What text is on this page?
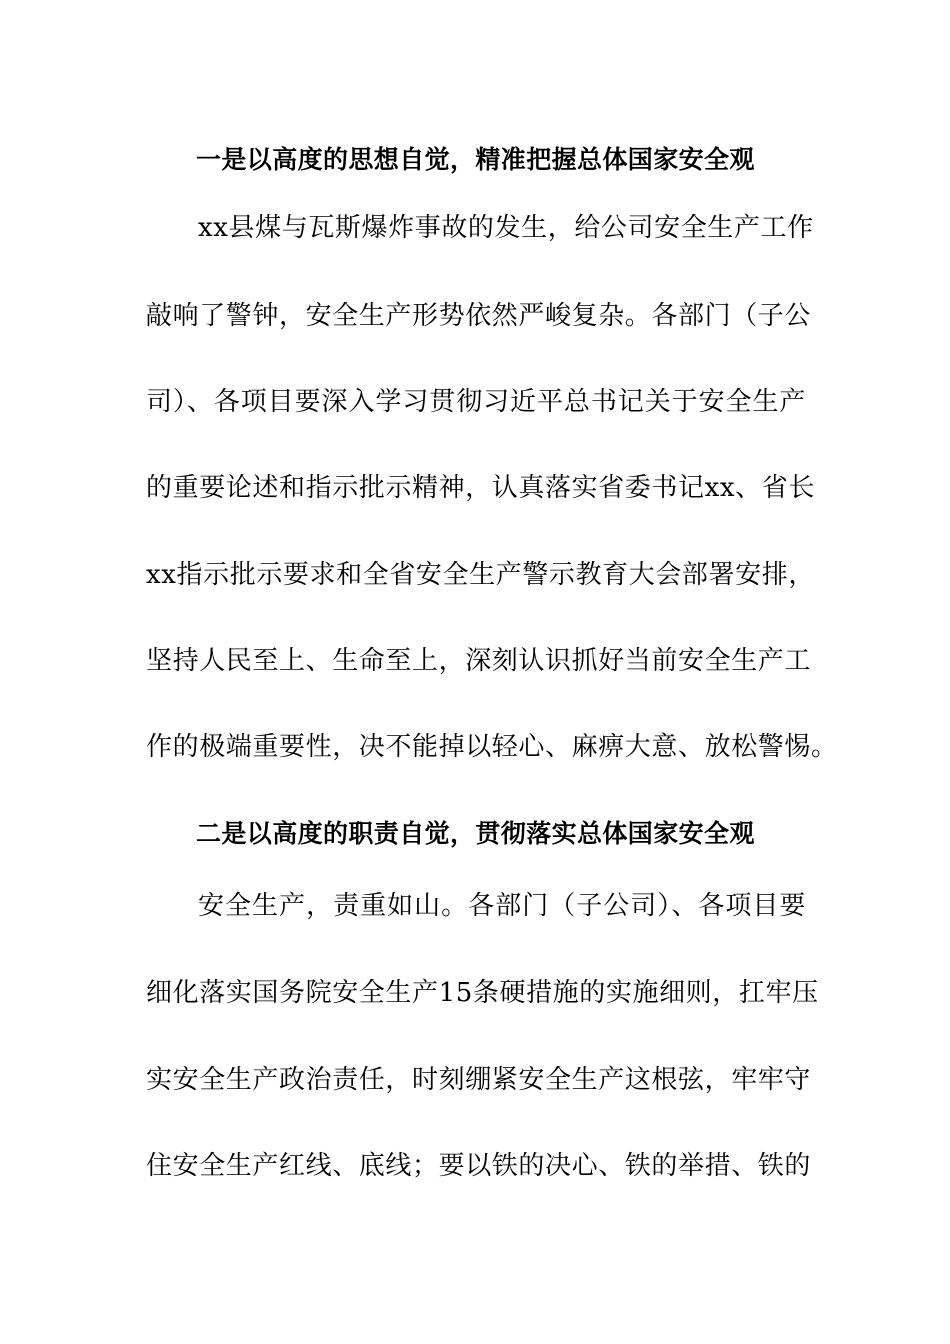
一是以高度的思想自觉，精准把握总体国家安全观
xx县煤与瓦斯爆炸事故的发生，给公司安全生产工作
敲响了警钟，安全生产形势依然严峻复杂。各部门（子公
司）、各项目要深入学习贯彻习近平总书记关于安全生产
的重要论述和指示批示精神，认真落实省委书记xx、省长
xx指示批示要求和全省安全生产警示教育大会部署安排，
坚持人民至上、生命至上，深刻认识抓好当前安全生产工
作的极端重要性，决不能掉以轻心、麻痹大意、放松警惕。
二是以高度的职责自觉，贯彻落实总体国家安全观
安全生产，责重如山。各部门（子公司）、各项目要
细化落实国务院安全生产15条硬措施的实施细则，扛牢压
实安全生产政治责任，时刻绷紧安全生产这根弦，牢牢守
住安全生产红线、底线；要以铁的决心、铁的举措、铁的
